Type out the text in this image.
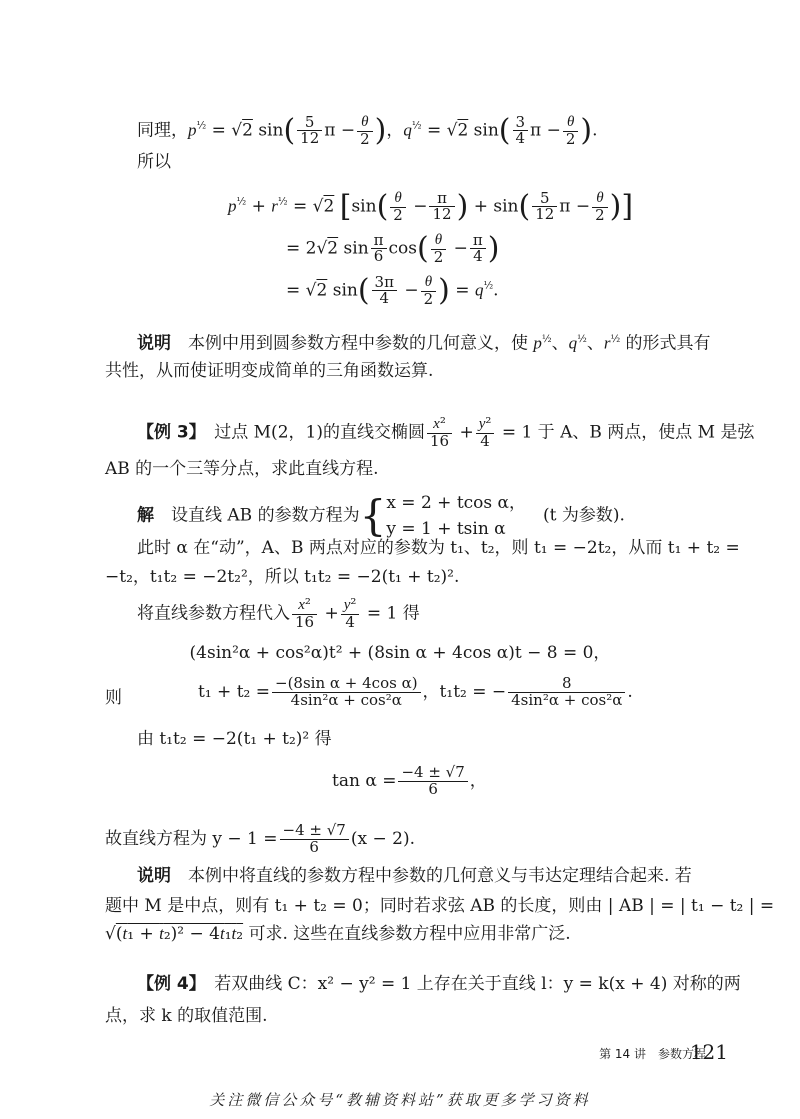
同理，$p^{\frac{1}{2}} = √2$ $\sin( \frac{5}{12}$ $\pi - \frac{\theta}{2}$ )，$q^{\frac{1}{2}} = √2$ $\sin( \frac{3}{4}$ $\pi - \frac{\theta}{2}$ ).
所以
$p^{\frac{1}{2}} + r^{\frac{1}{2}} = √2$ [$\sin( \frac{\theta}{2} - \frac{\pi}{12}$ ) + $\sin( \frac{5}{12}$ $\pi - \frac{\theta}{2}$ )]
= 2√2 $\sin \frac{\pi}{6} \cos( \frac{\theta}{2} - \frac{\pi}{4}$ )
= √2 $\sin( \frac{3\pi}{4} - \frac{\theta}{2}$ ) = $q^{\frac{1}{2}}$.
说明　 本例中用到圆参数方程中参数的几何意义，使 $p^{\frac{1}{2}}$、$q^{\frac{1}{2}}$、$r^{\frac{1}{2}}$ 的形式具有
共性，从而使证明变成简单的三角函数运算.
【例 3】　 过点 M(2，1)的直线交椭圆 $\frac{\text{x²}}{16} + \frac{\text{y²}}{4} = 1$ 于 A、B 两点，使点 M 是弦
AB 的一个三等分点，求此直线方程.
解　 设直线 AB 的参数方程为{x = 2 + tcos α，
y = 1 + tsin α　(t 为参数).
此时 α 在“动”，A、B 两点对应的参数为 t₁、t₂，则 t₁ = −2t₂，从而 t₁ + t₂ =
−t₂，t₁t₂ = −2t₂²，所以 t₁t₂ = −2(t₁ + t₂)².
将直线参数方程代入 $\frac{\text{x²}}{16} + \frac{\text{y²}}{4} = 1$ 得
(4sin²α + cos²α)t² + (8sin α + 4cos α)t − 8 = 0，
则	$t_1 + t_2 = \frac{\text{−(8sin α + 4cos α)}}{\text{4sin²α + cos²α}}$ ，t₁t₂ = − $\frac{8}{\text{4sin²α + cos²α}}$ .
由 t₁t₂ = −2(t₁ + t₂)² 得
$\tan \alpha = \frac{-4 \pm √7}{6}$ ，
故直线方程为 $y - 1 = \frac{-4 \pm √7}{6} (x - 2)$.
说明　 本例中将直线的参数方程中参数的几何意义与韦达定理结合起来. 若
题中 M 是中点，则有 t₁ + t₂ = 0；同时若求弦 AB 的长度，则由 | AB | = | t₁ − t₂ | =
√(t₁ + t₂)² − 4t₁t₂ 可求. 这些在直线参数方程中应用非常广泛.
【例 4】　 若双曲线 C：x² − y² = 1 上存在关于直线 l：y = k(x + 4) 对称的两
点，求 k 的取值范围.
第 14 讲　参数方程
121
关注微信公众号“教辅资料站”获取更多学习资料
